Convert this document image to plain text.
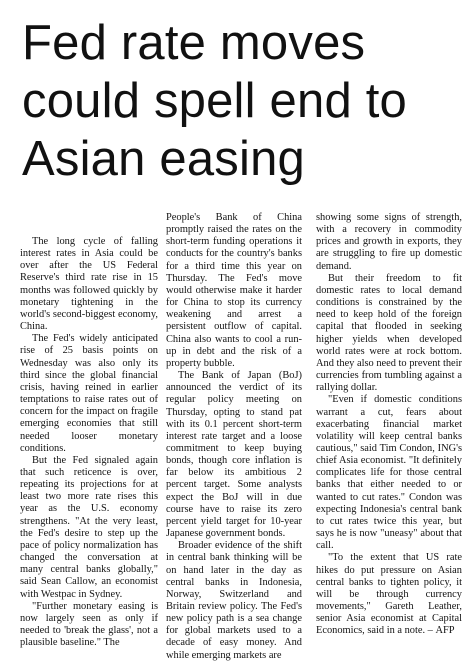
Fed rate moves
could spell end to
Asian easing

The long cycle of falling interest rates in Asia could be over after the US Federal Reserve's third rate rise in 15 months was followed quickly by monetary tightening in the world's second-biggest economy, China.

The Fed's widely anticipated rise of 25 basis points on Wednesday was also only its third since the global financial crisis, having reined in earlier temptations to raise rates out of concern for the impact on fragile emerging economies that still needed looser monetary conditions.

But the Fed signaled again that such reticence is over, repeating its projections for at least two more rate rises this year as the U.S. economy strengthens. "At the very least, the Fed's desire to step up the pace of policy normalization has changed the conversation at many central banks globally," said Sean Callow, an economist with Westpac in Sydney.

"Further monetary easing is now largely seen as only if needed to 'break the glass', not a plausible baseline." The

People's Bank of China promptly raised the rates on the short-term funding operations it conducts for the country's banks for a third time this year on Thursday. The Fed's move would otherwise make it harder for China to stop its currency weakening and arrest a persistent outflow of capital. China also wants to cool a run-up in debt and the risk of a property bubble.

The Bank of Japan (BoJ) announced the verdict of its regular policy meeting on Thursday, opting to stand pat with its 0.1 percent short-term interest rate target and a loose commitment to keep buying bonds, though core inflation is far below its ambitious 2 percent target. Some analysts expect the BoJ will in due course have to raise its zero percent yield target for 10-year Japanese government bonds.

Broader evidence of the shift in central bank thinking will be on hand later in the day as central banks in Indonesia, Norway, Switzerland and Britain review policy. The Fed's new policy path is a sea change for global markets used to a decade of easy money. And while emerging markets are

showing some signs of strength, with a recovery in commodity prices and growth in exports, they are struggling to fire up domestic demand.

But their freedom to fit domestic rates to local demand conditions is constrained by the need to keep hold of the foreign capital that flooded in seeking higher yields when developed world rates were at rock bottom. And they also need to prevent their currencies from tumbling against a rallying dollar.

"Even if domestic conditions warrant a cut, fears about exacerbating financial market volatility will keep central banks cautious," said Tim Condon, ING's chief Asia economist. "It definitely complicates life for those central banks that either needed to or wanted to cut rates." Condon was expecting Indonesia's central bank to cut rates twice this year, but says he is now "uneasy" about that call.

"To the extent that US rate hikes do put pressure on Asian central banks to tighten policy, it will be through currency movements," Gareth Leather, senior Asia economist at Capital Economics, said in a note. – AFP
